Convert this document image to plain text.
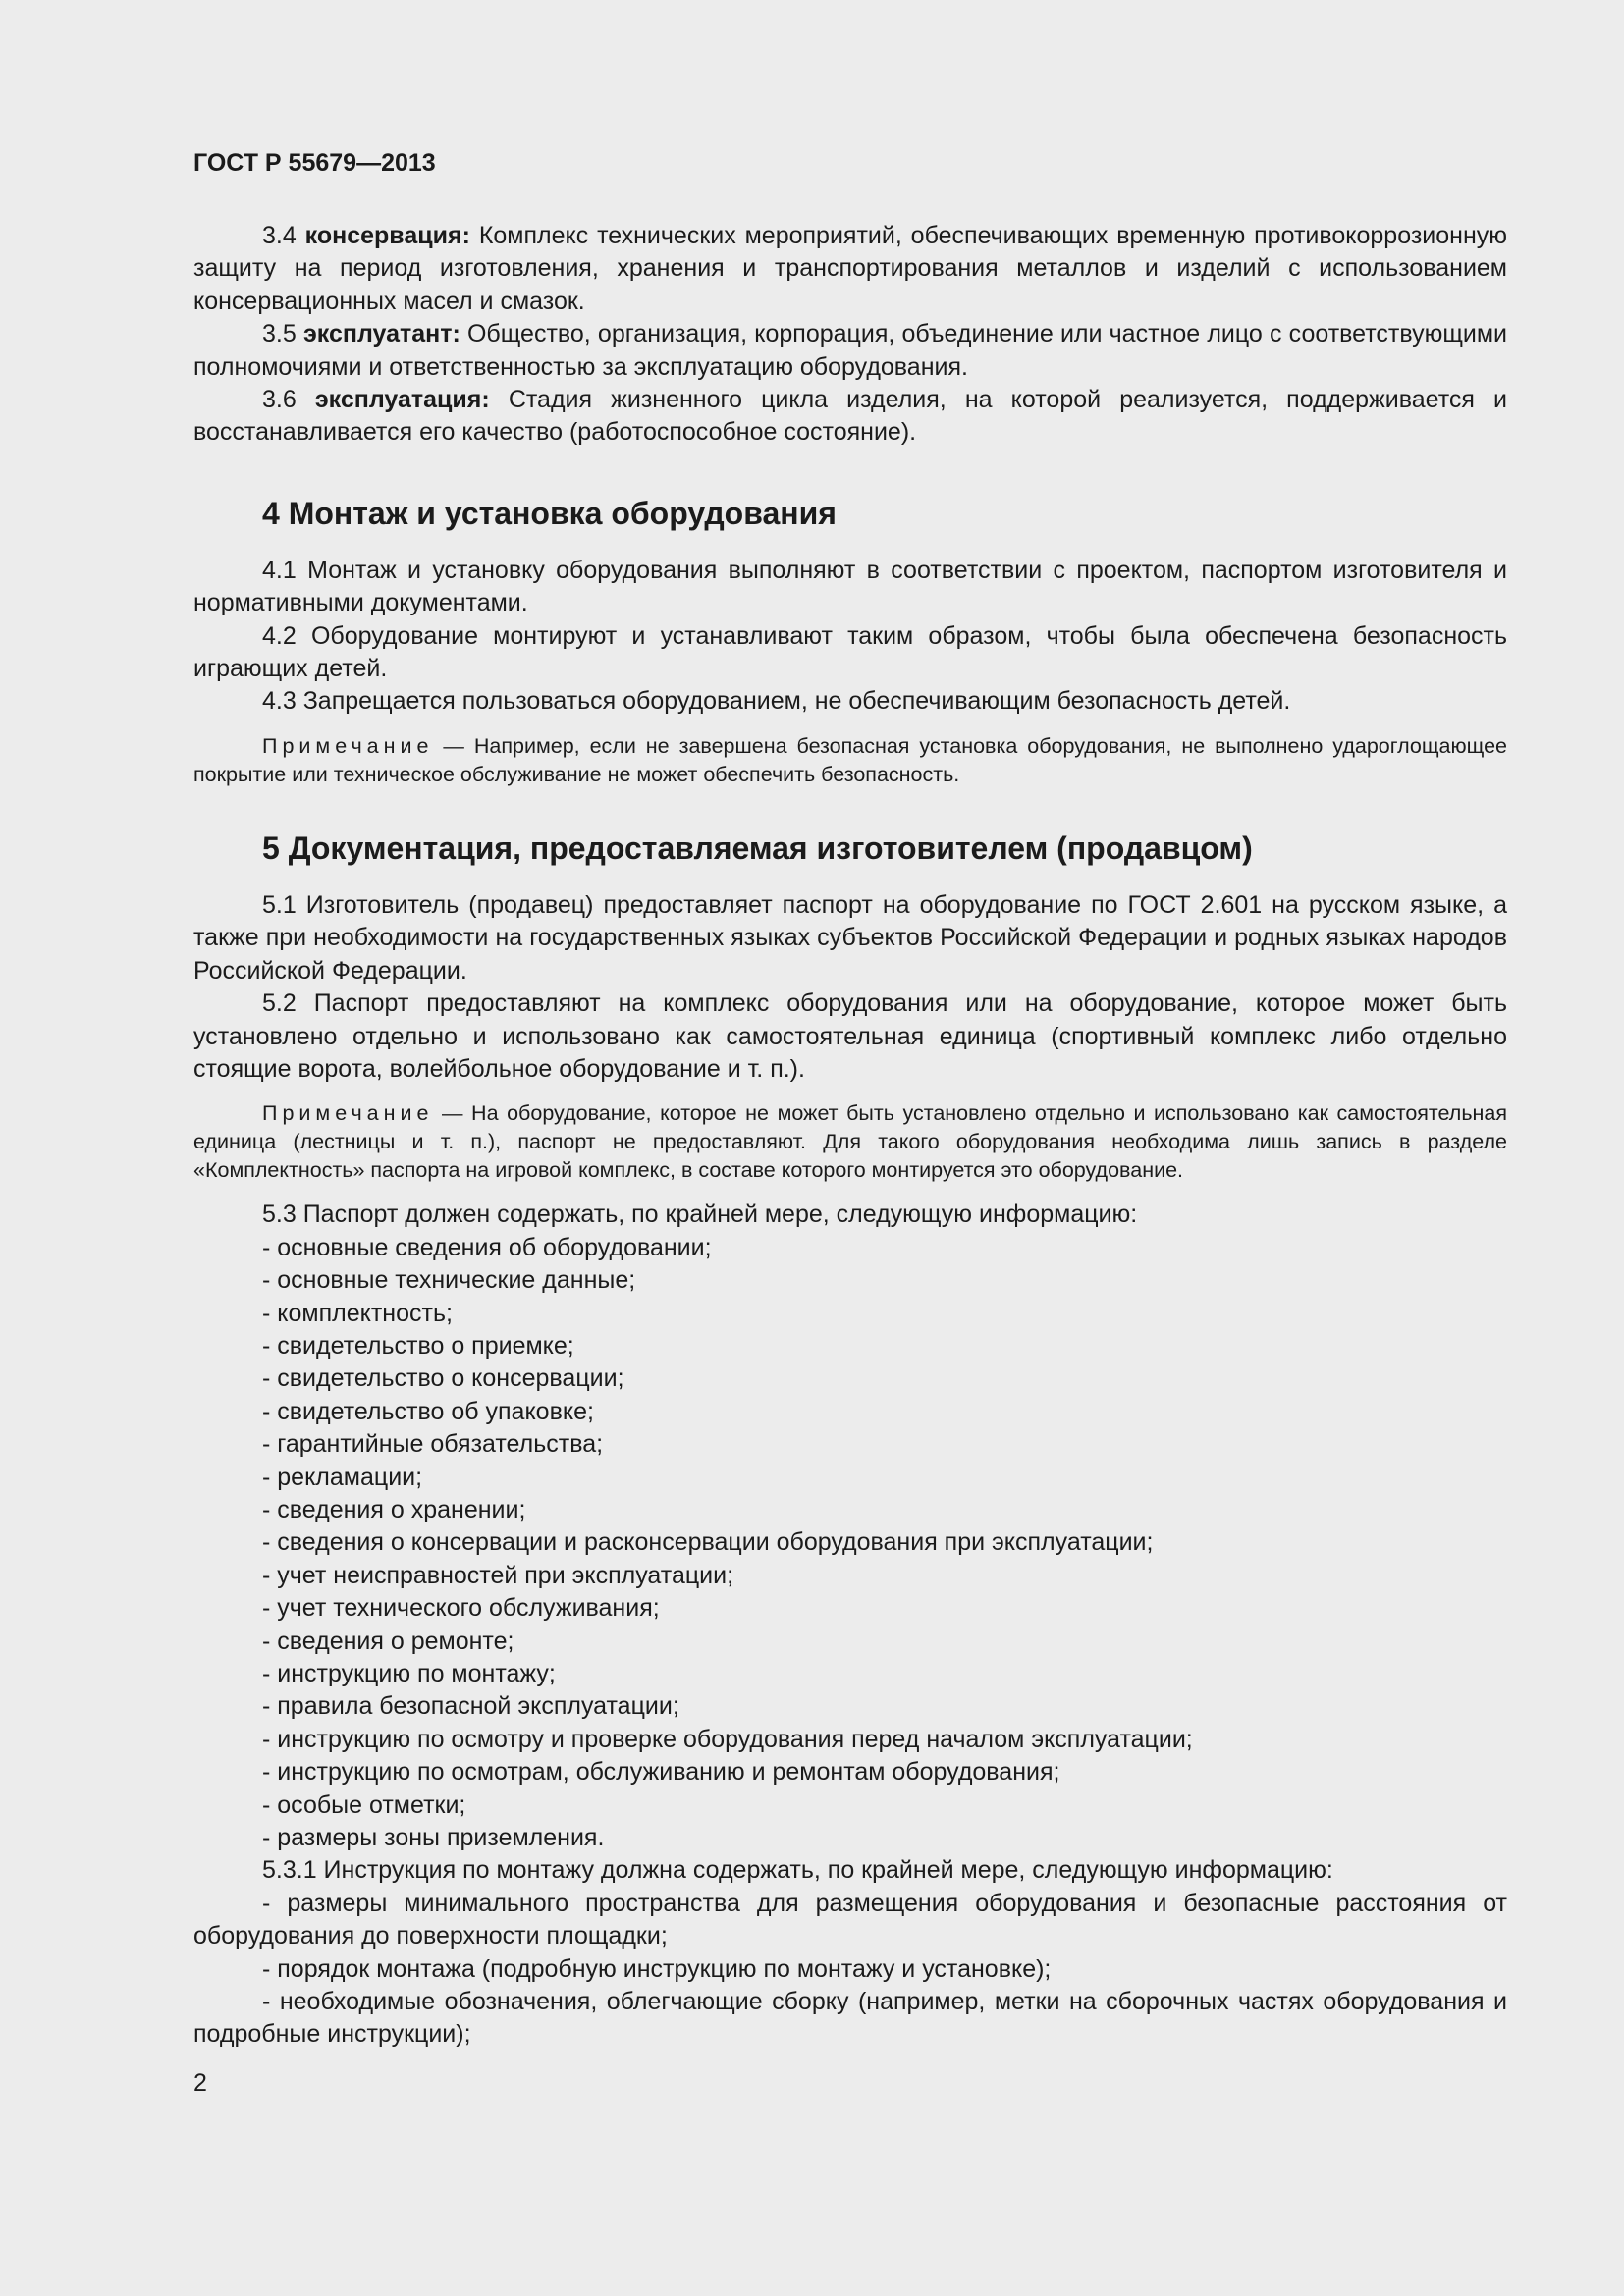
ГОСТ Р 55679—2013

3.4 консервация: Комплекс технических мероприятий, обеспечивающих временную противокоррозионную защиту на период изготовления, хранения и транспортирования металлов и изделий с использованием консервационных масел и смазок.

3.5 эксплуатант: Общество, организация, корпорация, объединение или частное лицо с соответствующими полномочиями и ответственностью за эксплуатацию оборудования.

3.6 эксплуатация: Стадия жизненного цикла изделия, на которой реализуется, поддерживается и восстанавливается его качество (работоспособное состояние).

4 Монтаж и установка оборудования

4.1 Монтаж и установку оборудования выполняют в соответствии с проектом, паспортом изготовителя и нормативными документами.

4.2 Оборудование монтируют и устанавливают таким образом, чтобы была обеспечена безопасность играющих детей.

4.3 Запрещается пользоваться оборудованием, не обеспечивающим безопасность детей.

Примечание — Например, если не завершена безопасная установка оборудования, не выполнено удароглощающее покрытие или техническое обслуживание не может обеспечить безопасность.

5 Документация, предоставляемая изготовителем (продавцом)

5.1 Изготовитель (продавец) предоставляет паспорт на оборудование по ГОСТ 2.601 на русском языке, а также при необходимости на государственных языках субъектов Российской Федерации и родных языках народов Российской Федерации.

5.2 Паспорт предоставляют на комплекс оборудования или на оборудование, которое может быть установлено отдельно и использовано как самостоятельная единица (спортивный комплекс либо отдельно стоящие ворота, волейбольное оборудование и т. п.).

Примечание — На оборудование, которое не может быть установлено отдельно и использовано как самостоятельная единица (лестницы и т. п.), паспорт не предоставляют. Для такого оборудования необходима лишь запись в разделе «Комплектность» паспорта на игровой комплекс, в составе которого монтируется это оборудование.

5.3 Паспорт должен содержать, по крайней мере, следующую информацию:

- основные сведения об оборудовании;

- основные технические данные;

- комплектность;

- свидетельство о приемке;

- свидетельство о консервации;

- свидетельство об упаковке;

- гарантийные обязательства;

- рекламации;

- сведения о хранении;

- сведения о консервации и расконсервации оборудования при эксплуатации;

- учет неисправностей при эксплуатации;

- учет технического обслуживания;

- сведения о ремонте;

- инструкцию по монтажу;

- правила безопасной эксплуатации;

- инструкцию по осмотру и проверке оборудования перед началом эксплуатации;

- инструкцию по осмотрам, обслуживанию и ремонтам оборудования;

- особые отметки;

- размеры зоны приземления.

5.3.1 Инструкция по монтажу должна содержать, по крайней мере, следующую информацию:

- размеры минимального пространства для размещения оборудования и безопасные расстояния от оборудования до поверхности площадки;

- порядок монтажа (подробную инструкцию по монтажу и установке);

- необходимые обозначения, облегчающие сборку (например, метки на сборочных частях оборудования и подробные инструкции);

2
